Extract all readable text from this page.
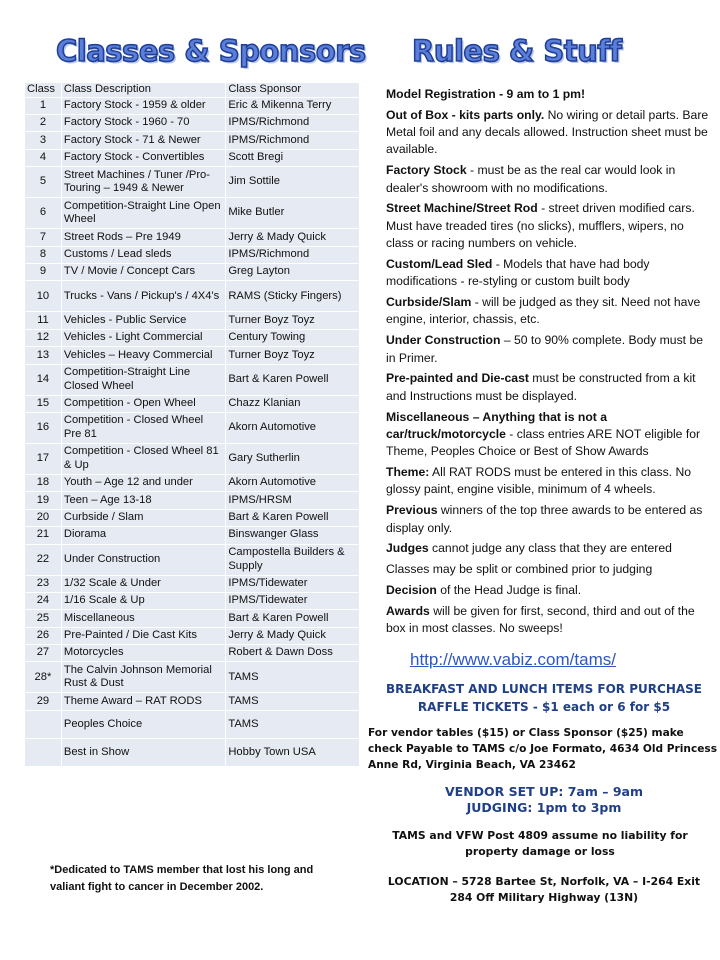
Classes & Sponsors Rules & Stuff
Class	Class Description	Class Sponsor
1	Factory Stock - 1959 & older	Eric & Mikenna Terry
2	Factory Stock - 1960 - 70	IPMS/Richmond
3	Factory Stock - 71 & Newer	IPMS/Richmond
4	Factory Stock - Convertibles	Scott Bregi
5	Street Machines / Tuner /Pro-Touring – 1949 & Newer	Jim Sottile
6	Competition-Straight Line Open Wheel	Mike Butler
7	Street Rods – Pre 1949	Jerry & Mady Quick
8	Customs / Lead sleds	IPMS/Richmond
9	TV / Movie / Concept Cars	Greg Layton
10	Trucks - Vans / Pickup's / 4X4's	RAMS (Sticky Fingers)
11	Vehicles - Public Service	Turner Boyz Toyz
12	Vehicles - Light Commercial	Century Towing
13	Vehicles – Heavy Commercial	Turner Boyz Toyz
14	Competition-Straight Line Closed Wheel	Bart & Karen Powell
15	Competition - Open Wheel	Chazz Klanian
16	Competition - Closed Wheel Pre 81	Akorn Automotive
17	Competition - Closed Wheel 81 & Up	Gary Sutherlin
18	Youth – Age 12 and under	Akorn Automotive
19	Teen – Age 13-18	IPMS/HRSM
20	Curbside / Slam	Bart & Karen Powell
21	Diorama	Binswanger Glass
22	Under Construction	Campostella Builders & Supply
23	1/32 Scale & Under	IPMS/Tidewater
24	1/16 Scale & Up	IPMS/Tidewater
25	Miscellaneous	Bart & Karen Powell
26	Pre-Painted / Die Cast Kits	Jerry & Mady Quick
27	Motorcycles	Robert & Dawn Doss
28*	The Calvin Johnson Memorial Rust & Dust	TAMS
29	Theme Award – RAT RODS	TAMS
	Peoples Choice	TAMS
	Best in Show	Hobby Town USA
*Dedicated to TAMS member that lost his long and valiant fight to cancer in December 2002.

Model Registration - 9 am to 1 pm!

Out of Box - kits parts only. No wiring or detail parts. Bare Metal foil and any decals allowed. Instruction sheet must be available.

Factory Stock - must be as the real car would look in dealer's showroom with no modifications.

Street Machine/Street Rod - street driven modified cars. Must have treaded tires (no slicks), mufflers, wipers, no class or racing numbers on vehicle.

Custom/Lead Sled - Models that have had body modifications - re-styling or custom built body

Curbside/Slam - will be judged as they sit. Need not have engine, interior, chassis, etc.

Under Construction – 50 to 90% complete. Body must be in Primer.

Pre-painted and Die-cast must be constructed from a kit and Instructions must be displayed.

Miscellaneous – Anything that is not a car/truck/motorcycle - class entries ARE NOT eligible for Theme, Peoples Choice or Best of Show Awards

Theme: All RAT RODS must be entered in this class. No glossy paint, engine visible, minimum of 4 wheels.

Previous winners of the top three awards to be entered as display only.

Judges cannot judge any class that they are entered

Classes may be split or combined prior to judging

Decision of the Head Judge is final.

Awards will be given for first, second, third and out of the box in most classes. No sweeps!

http://www.vabiz.com/tams/
BREAKFAST AND LUNCH ITEMS FOR PURCHASE
RAFFLE TICKETS - $1 each or 6 for $5
For vendor tables ($15) or Class Sponsor ($25) make check Payable to TAMS c/o Joe Formato, 4634 Old Princess Anne Rd, Virginia Beach, VA 23462
VENDOR SET UP: 7am – 9am
JUDGING: 1pm to 3pm
TAMS and VFW Post 4809 assume no liability for property damage or loss
LOCATION – 5728 Bartee St, Norfolk, VA – I-264 Exit 284 Off Military Highway (13N)
